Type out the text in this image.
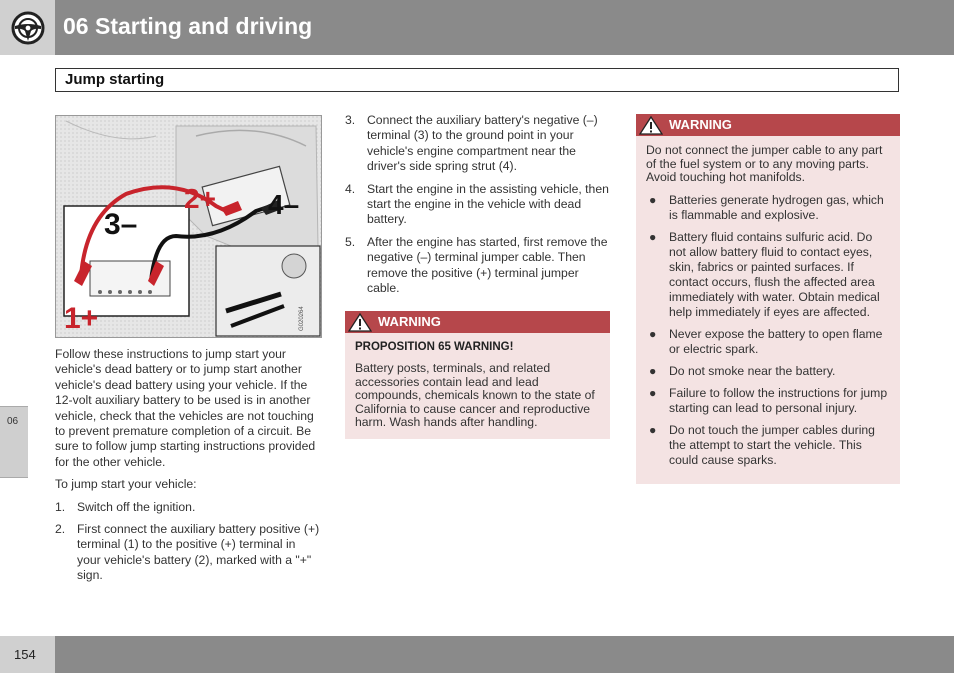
06 Starting and driving
Jump starting
06
1+
2+
3–
4–
G020264

Follow these instructions to jump start your vehicle's dead battery or to jump start another vehicle's dead battery using your vehicle. If the 12-volt auxiliary battery to be used is in another vehicle, check that the vehicles are not touching to prevent premature completion of a circuit. Be sure to follow jump starting instructions provided for the other vehicle.

To jump start your vehicle:

1. Switch off the ignition.
2. First connect the auxiliary battery positive (+) terminal (1) to the positive (+) terminal in your vehicle's battery (2), marked with a "+" sign.
3. Connect the auxiliary battery's negative (–) terminal (3) to the ground point in your vehicle's engine compartment near the driver's side spring strut (4).
4. Start the engine in the assisting vehicle, then start the engine in the vehicle with dead battery.
5. After the engine has started, first remove the negative (–) terminal jumper cable. Then remove the positive (+) terminal jumper cable.
WARNING
PROPOSITION 65 WARNING!
Battery posts, terminals, and related accessories contain lead and lead compounds, chemicals known to the state of California to cause cancer and reproductive harm. Wash hands after handling.
WARNING
Do not connect the jumper cable to any part of the fuel system or to any moving parts. Avoid touching hot manifolds.
● Batteries generate hydrogen gas, which is flammable and explosive.
● Battery fluid contains sulfuric acid. Do not allow battery fluid to contact eyes, skin, fabrics or painted surfaces. If contact occurs, flush the affected area immediately with water. Obtain medical help immediately if eyes are affected.
● Never expose the battery to open flame or electric spark.
● Do not smoke near the battery.
● Failure to follow the instructions for jump starting can lead to personal injury.
● Do not touch the jumper cables during the attempt to start the vehicle. This could cause sparks.
154
